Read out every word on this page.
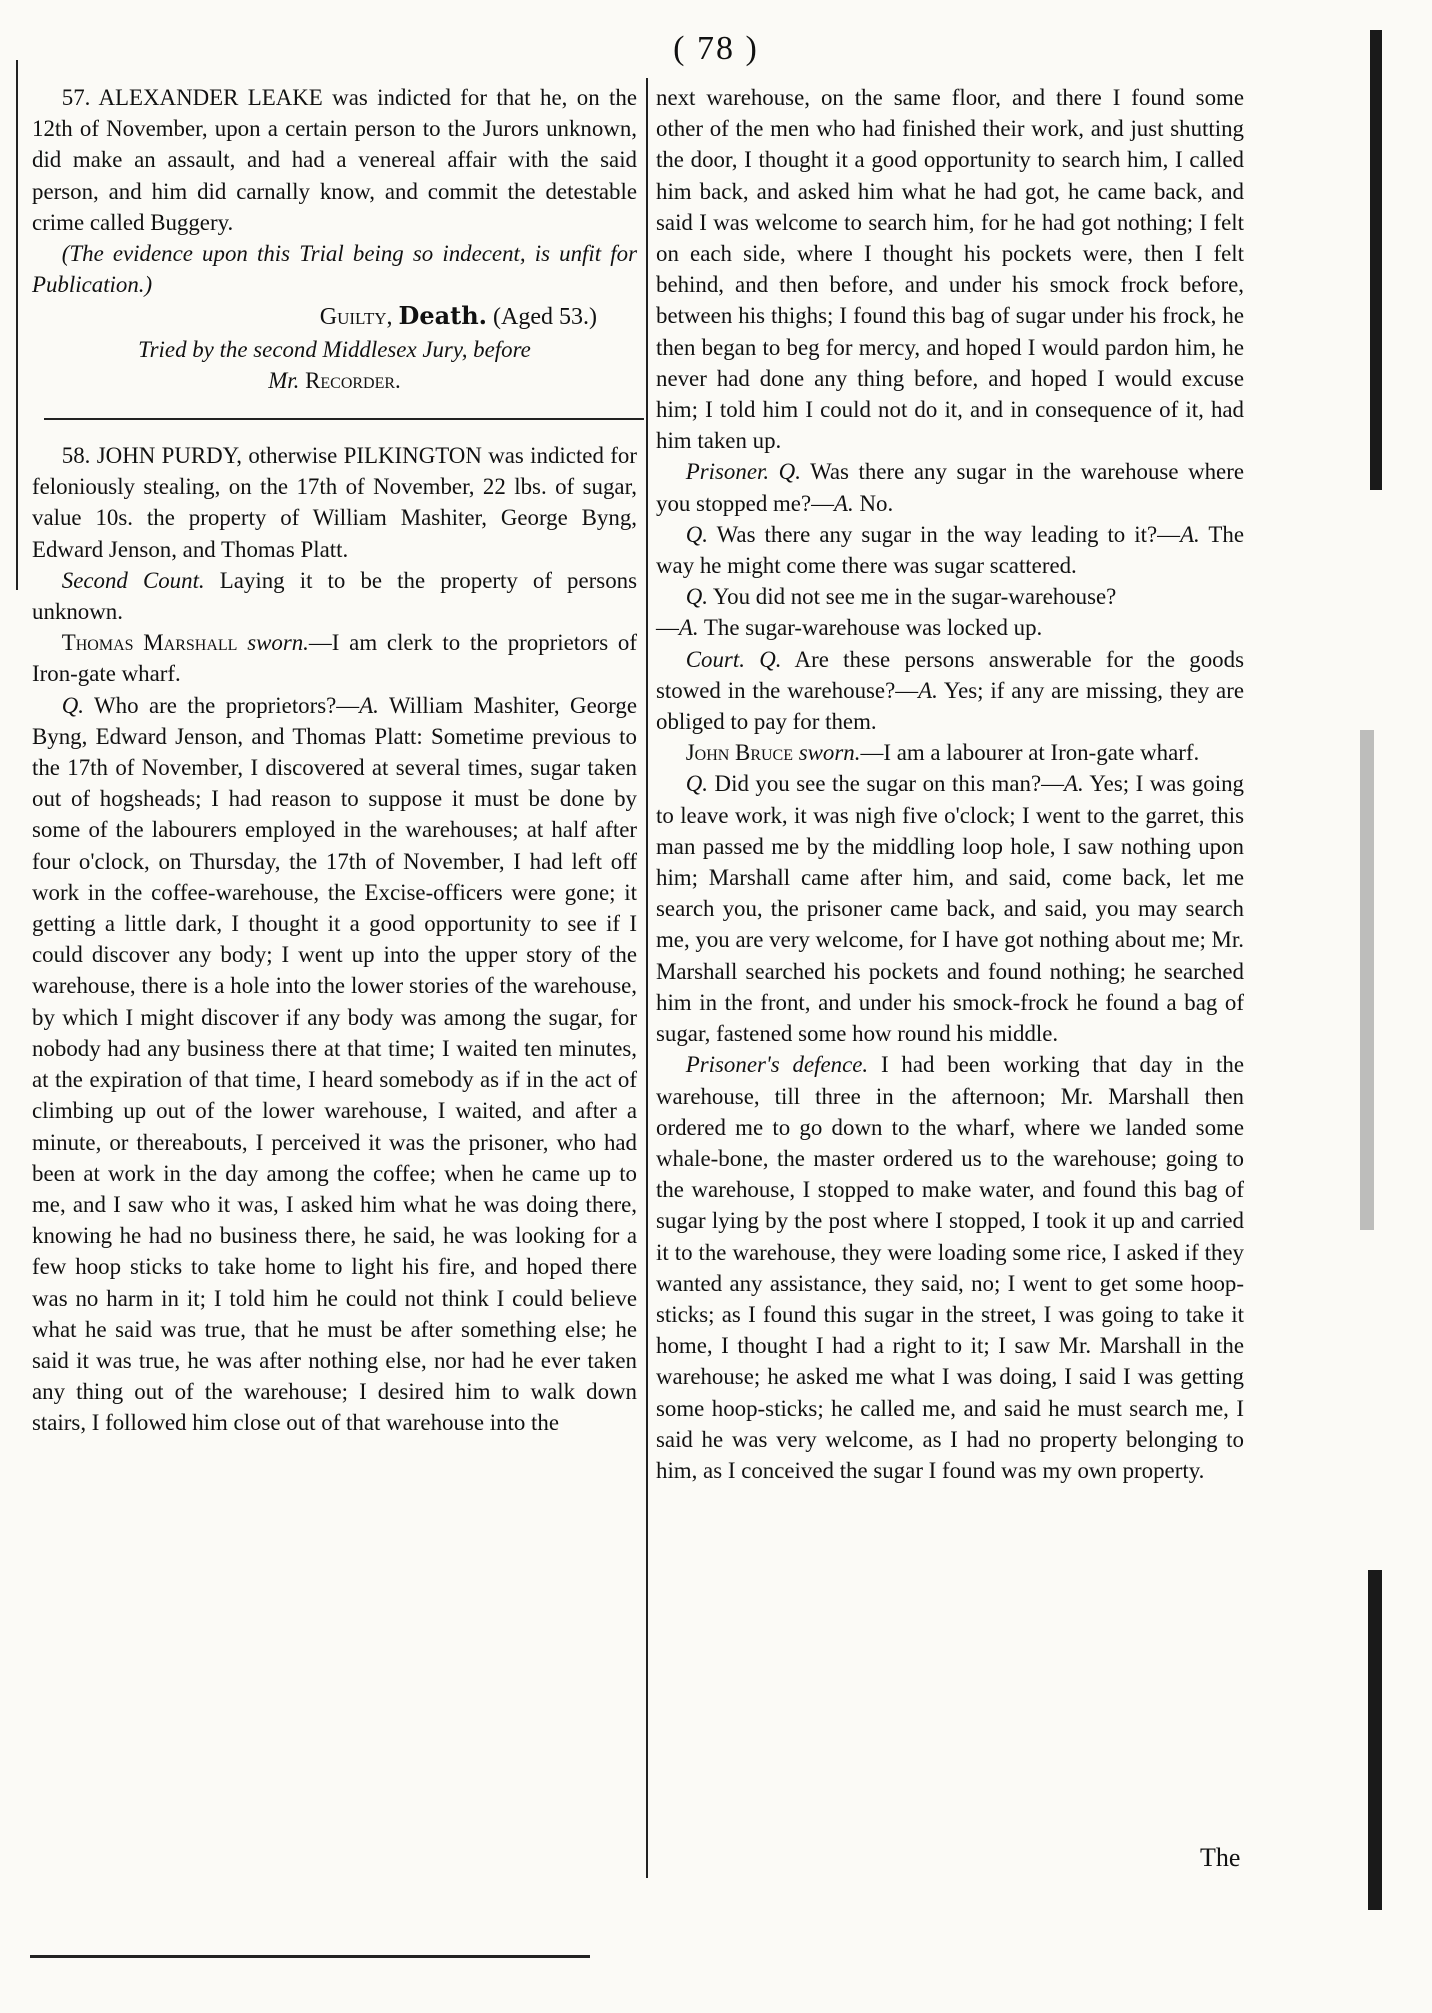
( 78 )

57. ALEXANDER LEAKE was indicted for that he, on the 12th of November, upon a certain person to the Jurors unknown, did make an assault, and had a venereal affair with the said person, and him did carnally know, and commit the detestable crime called Buggery.

(The evidence upon this Trial being so indecent, is unfit for Publication.)

Guilty, Death. (Aged 53.)

Tried by the second Middlesex Jury, before
Mr. Recorder.

58. JOHN PURDY, otherwise PILKINGTON was indicted for feloniously stealing, on the 17th of November, 22 lbs. of sugar, value 10s. the property of William Mashiter, George Byng, Edward Jenson, and Thomas Platt.

Second Count. Laying it to be the property of persons unknown.

Thomas Marshall sworn.—I am clerk to the proprietors of Iron-gate wharf.

Q. Who are the proprietors?—A. William Mashiter, George Byng, Edward Jenson, and Thomas Platt: Sometime previous to the 17th of November, I discovered at several times, sugar taken out of hogsheads; I had reason to suppose it must be done by some of the labourers employed in the warehouses; at half after four o'clock, on Thursday, the 17th of November, I had left off work in the coffee-warehouse, the Excise-officers were gone; it getting a little dark, I thought it a good opportunity to see if I could discover any body; I went up into the upper story of the warehouse, there is a hole into the lower stories of the warehouse, by which I might discover if any body was among the sugar, for nobody had any business there at that time; I waited ten minutes, at the expiration of that time, I heard somebody as if in the act of climbing up out of the lower warehouse, I waited, and after a minute, or thereabouts, I perceived it was the prisoner, who had been at work in the day among the coffee; when he came up to me, and I saw who it was, I asked him what he was doing there, knowing he had no business there, he said, he was looking for a few hoop sticks to take home to light his fire, and hoped there was no harm in it; I told him he could not think I could believe what he said was true, that he must be after something else; he said it was true, he was after nothing else, nor had he ever taken any thing out of the warehouse; I desired him to walk down stairs, I followed him close out of that warehouse into the

next warehouse, on the same floor, and there I found some other of the men who had finished their work, and just shutting the door, I thought it a good opportunity to search him, I called him back, and asked him what he had got, he came back, and said I was welcome to search him, for he had got nothing; I felt on each side, where I thought his pockets were, then I felt behind, and then before, and under his smock frock before, between his thighs; I found this bag of sugar under his frock, he then began to beg for mercy, and hoped I would pardon him, he never had done any thing before, and hoped I would excuse him; I told him I could not do it, and in consequence of it, had him taken up.

Prisoner. Q. Was there any sugar in the warehouse where you stopped me?—A. No.

Q. Was there any sugar in the way leading to it?—A. The way he might come there was sugar scattered.

Q. You did not see me in the sugar-warehouse?
—A. The sugar-warehouse was locked up.

Court. Q. Are these persons answerable for the goods stowed in the warehouse?—A. Yes; if any are missing, they are obliged to pay for them.

John Bruce sworn.—I am a labourer at Iron-gate wharf.

Q. Did you see the sugar on this man?—A. Yes; I was going to leave work, it was nigh five o'clock; I went to the garret, this man passed me by the middling loop hole, I saw nothing upon him; Marshall came after him, and said, come back, let me search you, the prisoner came back, and said, you may search me, you are very welcome, for I have got nothing about me; Mr. Marshall searched his pockets and found nothing; he searched him in the front, and under his smock-frock he found a bag of sugar, fastened some how round his middle.

Prisoner's defence. I had been working that day in the warehouse, till three in the afternoon; Mr. Marshall then ordered me to go down to the wharf, where we landed some whale-bone, the master ordered us to the warehouse; going to the warehouse, I stopped to make water, and found this bag of sugar lying by the post where I stopped, I took it up and carried it to the warehouse, they were loading some rice, I asked if they wanted any assistance, they said, no; I went to get some hoop-sticks; as I found this sugar in the street, I was going to take it home, I thought I had a right to it; I saw Mr. Marshall in the warehouse; he asked me what I was doing, I said I was getting some hoop-sticks; he called me, and said he must search me, I said he was very welcome, as I had no property belonging to him, as I conceived the sugar I found was my own property.

The
